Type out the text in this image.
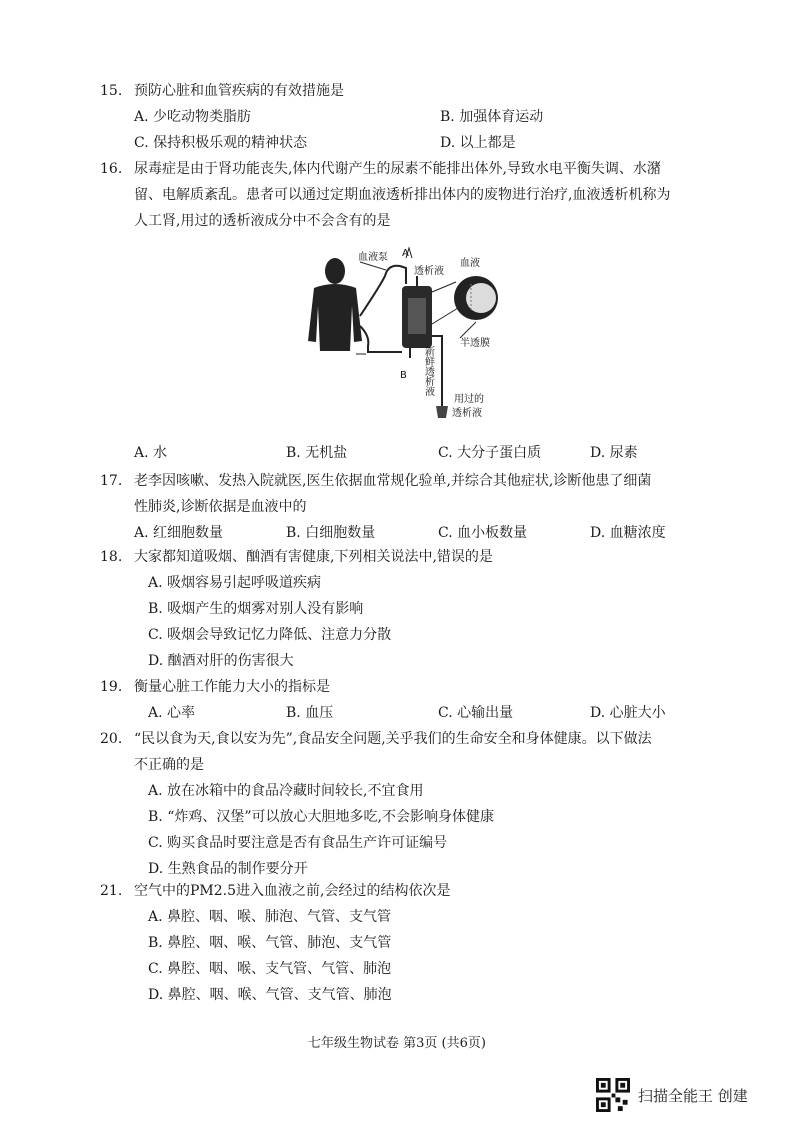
15. 预防心脏和血管疾病的有效措施是
A. 少吃动物类脂肪	B. 加强体育运动
C. 保持积极乐观的精神状态	D. 以上都是
16. 尿毒症是由于肾功能丧失,体内代谢产生的尿素不能排出体外,导致水电平衡失调、水潴
留、电解质紊乱。患者可以通过定期血液透析排出体内的废物进行治疗,血液透析机称为
人工肾,用过的透析液成分中不会含有的是
血液泵 A
透析液
血液
半透膜
B 新鲜透析液
用过的
透析液
A. 水	B. 无机盐	C. 大分子蛋白质	D. 尿素
17. 老李因咳嗽、发热入院就医,医生依据血常规化验单,并综合其他症状,诊断他患了细菌
性肺炎,诊断依据是血液中的
A. 红细胞数量	B. 白细胞数量	C. 血小板数量	D. 血糖浓度
18. 大家都知道吸烟、酗酒有害健康,下列相关说法中,错误的是
A. 吸烟容易引起呼吸道疾病
B. 吸烟产生的烟雾对别人没有影响
C. 吸烟会导致记忆力降低、注意力分散
D. 酗酒对肝的伤害很大
19. 衡量心脏工作能力大小的指标是
A. 心率	B. 血压	C. 心输出量	D. 心脏大小
20. “民以食为天,食以安为先”,食品安全问题,关乎我们的生命安全和身体健康。以下做法
不正确的是
A. 放在冰箱中的食品冷藏时间较长,不宜食用
B. “炸鸡、汉堡”可以放心大胆地多吃,不会影响身体健康
C. 购买食品时要注意是否有食品生产许可证编号
D. 生熟食品的制作要分开
21. 空气中的PM2.5进入血液之前,会经过的结构依次是
A. 鼻腔、咽、喉、肺泡、气管、支气管
B. 鼻腔、咽、喉、气管、肺泡、支气管
C. 鼻腔、咽、喉、支气管、气管、肺泡
D. 鼻腔、咽、喉、气管、支气管、肺泡
七年级生物试卷 第3页 (共6页)
扫描全能王 创建
